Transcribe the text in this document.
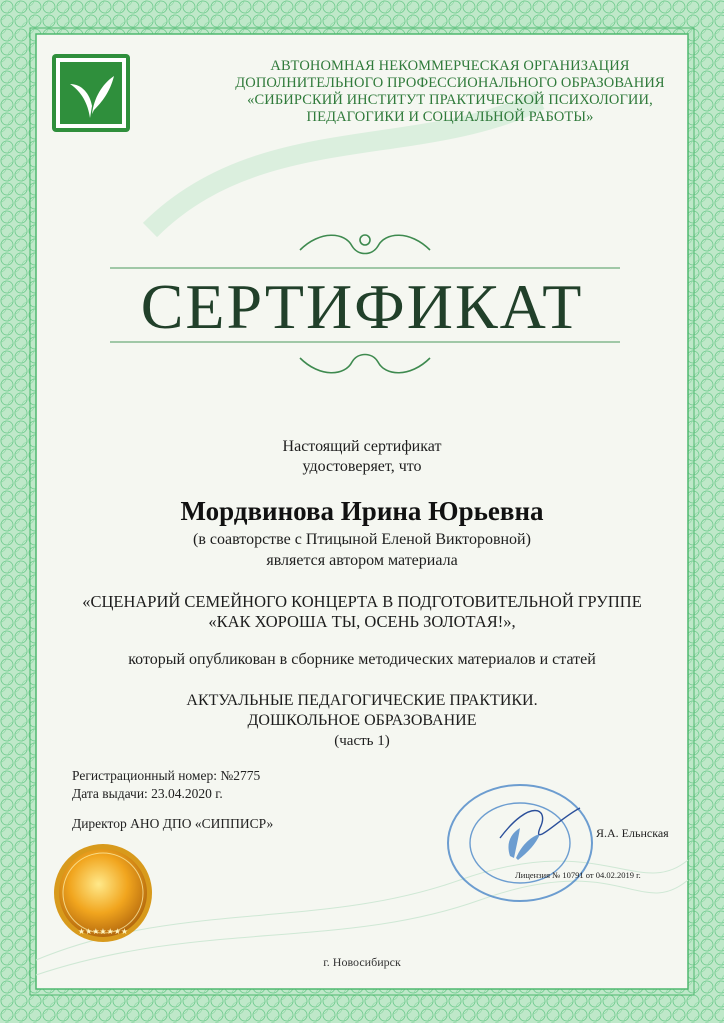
АВТОНОМНАЯ НЕКОММЕРЧЕСКАЯ ОРГАНИЗАЦИЯ
ДОПОЛНИТЕЛЬНОГО ПРОФЕССИОНАЛЬНОГО ОБРАЗОВАНИЯ
«СИБИРСКИЙ ИНСТИТУТ ПРАКТИЧЕСКОЙ ПСИХОЛОГИИ,
ПЕДАГОГИКИ И СОЦИАЛЬНОЙ РАБОТЫ»
СЕРТИФИКАТ
Настоящий сертификат
удостоверяет, что
Мордвинова Ирина Юрьевна
(в соавторстве с Птицыной Еленой Викторовной)
является автором материала
«СЦЕНАРИЙ СЕМЕЙНОГО КОНЦЕРТА В ПОДГОТОВИТЕЛЬНОЙ ГРУППЕ
«КАК ХОРОША ТЫ, ОСЕНЬ ЗОЛОТАЯ!»,
который опубликован в сборнике методических материалов и статей
АКТУАЛЬНЫЕ ПЕДАГОГИЧЕСКИЕ ПРАКТИКИ.
ДОШКОЛЬНОЕ ОБРАЗОВАНИЕ
(часть 1)
Регистрационный номер: №2775
Дата выдачи: 23.04.2020 г.
Директор АНО ДПО «СИППИСР»
Я.А. Ельнская
Лицензия № 10791 от 04.02.2019 г.
★★★★★★★
г. Новосибирск
